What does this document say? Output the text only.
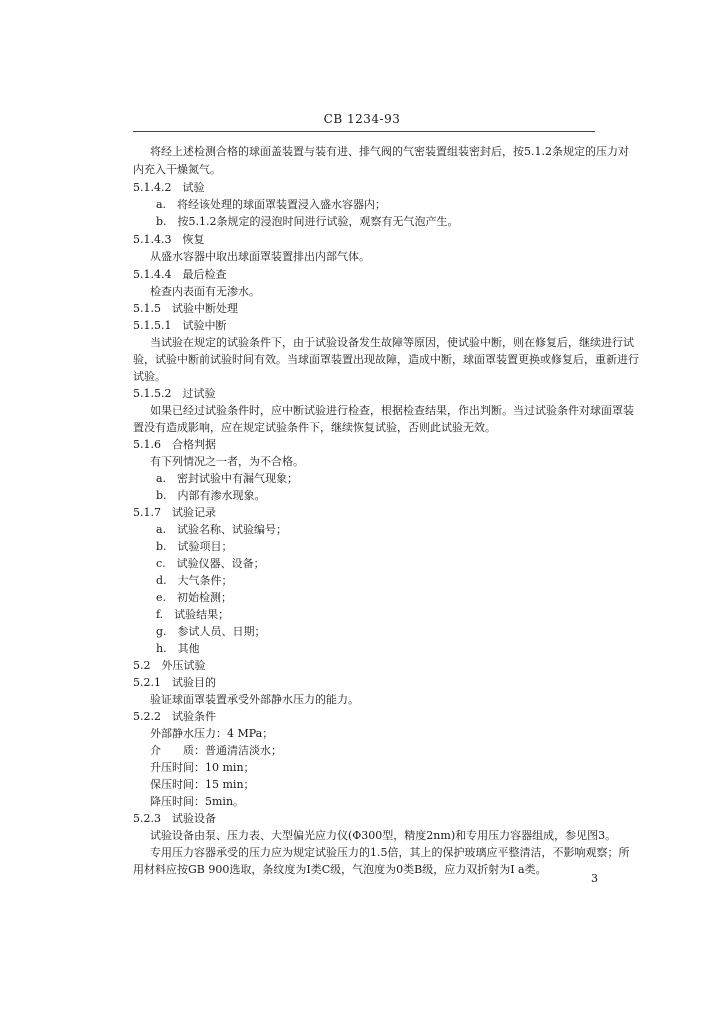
CB 1234-93
将经上述检测合格的球面盖装置与装有进、排气阀的气密装置组装密封后，按5.1.2条规定的压力对
内充入干燥氮气。
5.1.4.2　试验
a.　将经该处理的球面罩装置浸入盛水容器内；
b.　按5.1.2条规定的浸泡时间进行试验，观察有无气泡产生。
5.1.4.3　恢复
从盛水容器中取出球面罩装置排出内部气体。
5.1.4.4　最后检查
检查内表面有无渗水。
5.1.5　试验中断处理
5.1.5.1　试验中断
当试验在规定的试验条件下，由于试验设备发生故障等原因，使试验中断，则在修复后，继续进行试
验，试验中断前试验时间有效。当球面罩装置出现故障，造成中断，球面罩装置更换或修复后，重新进行
试验。
5.1.5.2　过试验
如果已经过试验条件时，应中断试验进行检查，根据检查结果，作出判断。当过试验条件对球面罩装
置没有造成影响，应在规定试验条件下，继续恢复试验，否则此试验无效。
5.1.6　合格判据
有下列情况之一者，为不合格。
a.　密封试验中有漏气现象；
b.　内部有渗水现象。
5.1.7　试验记录
a.　试验名称、试验编号；
b.　试验项目；
c.　试验仪器、设备；
d.　大气条件；
e.　初始检测；
f.　试验结果；
g.　参试人员、日期；
h.　其他
5.2　外压试验
5.2.1　试验目的
验证球面罩装置承受外部静水压力的能力。
5.2.2　试验条件
外部静水压力：4 MPa；
介　　质：普通清洁淡水；
升压时间：10 min；
保压时间：15 min；
降压时间：5min。
5.2.3　试验设备
试验设备由泵、压力表、大型偏光应力仪(Φ300型，精度2nm)和专用压力容器组成，参见图3。
专用压力容器承受的压力应为规定试验压力的1.5倍，其上的保护玻璃应平整清洁，不影响观察；所
用材料应按GB 900选取，条纹度为I类C级，气泡度为0类B级，应力双折射为I a类。
3
